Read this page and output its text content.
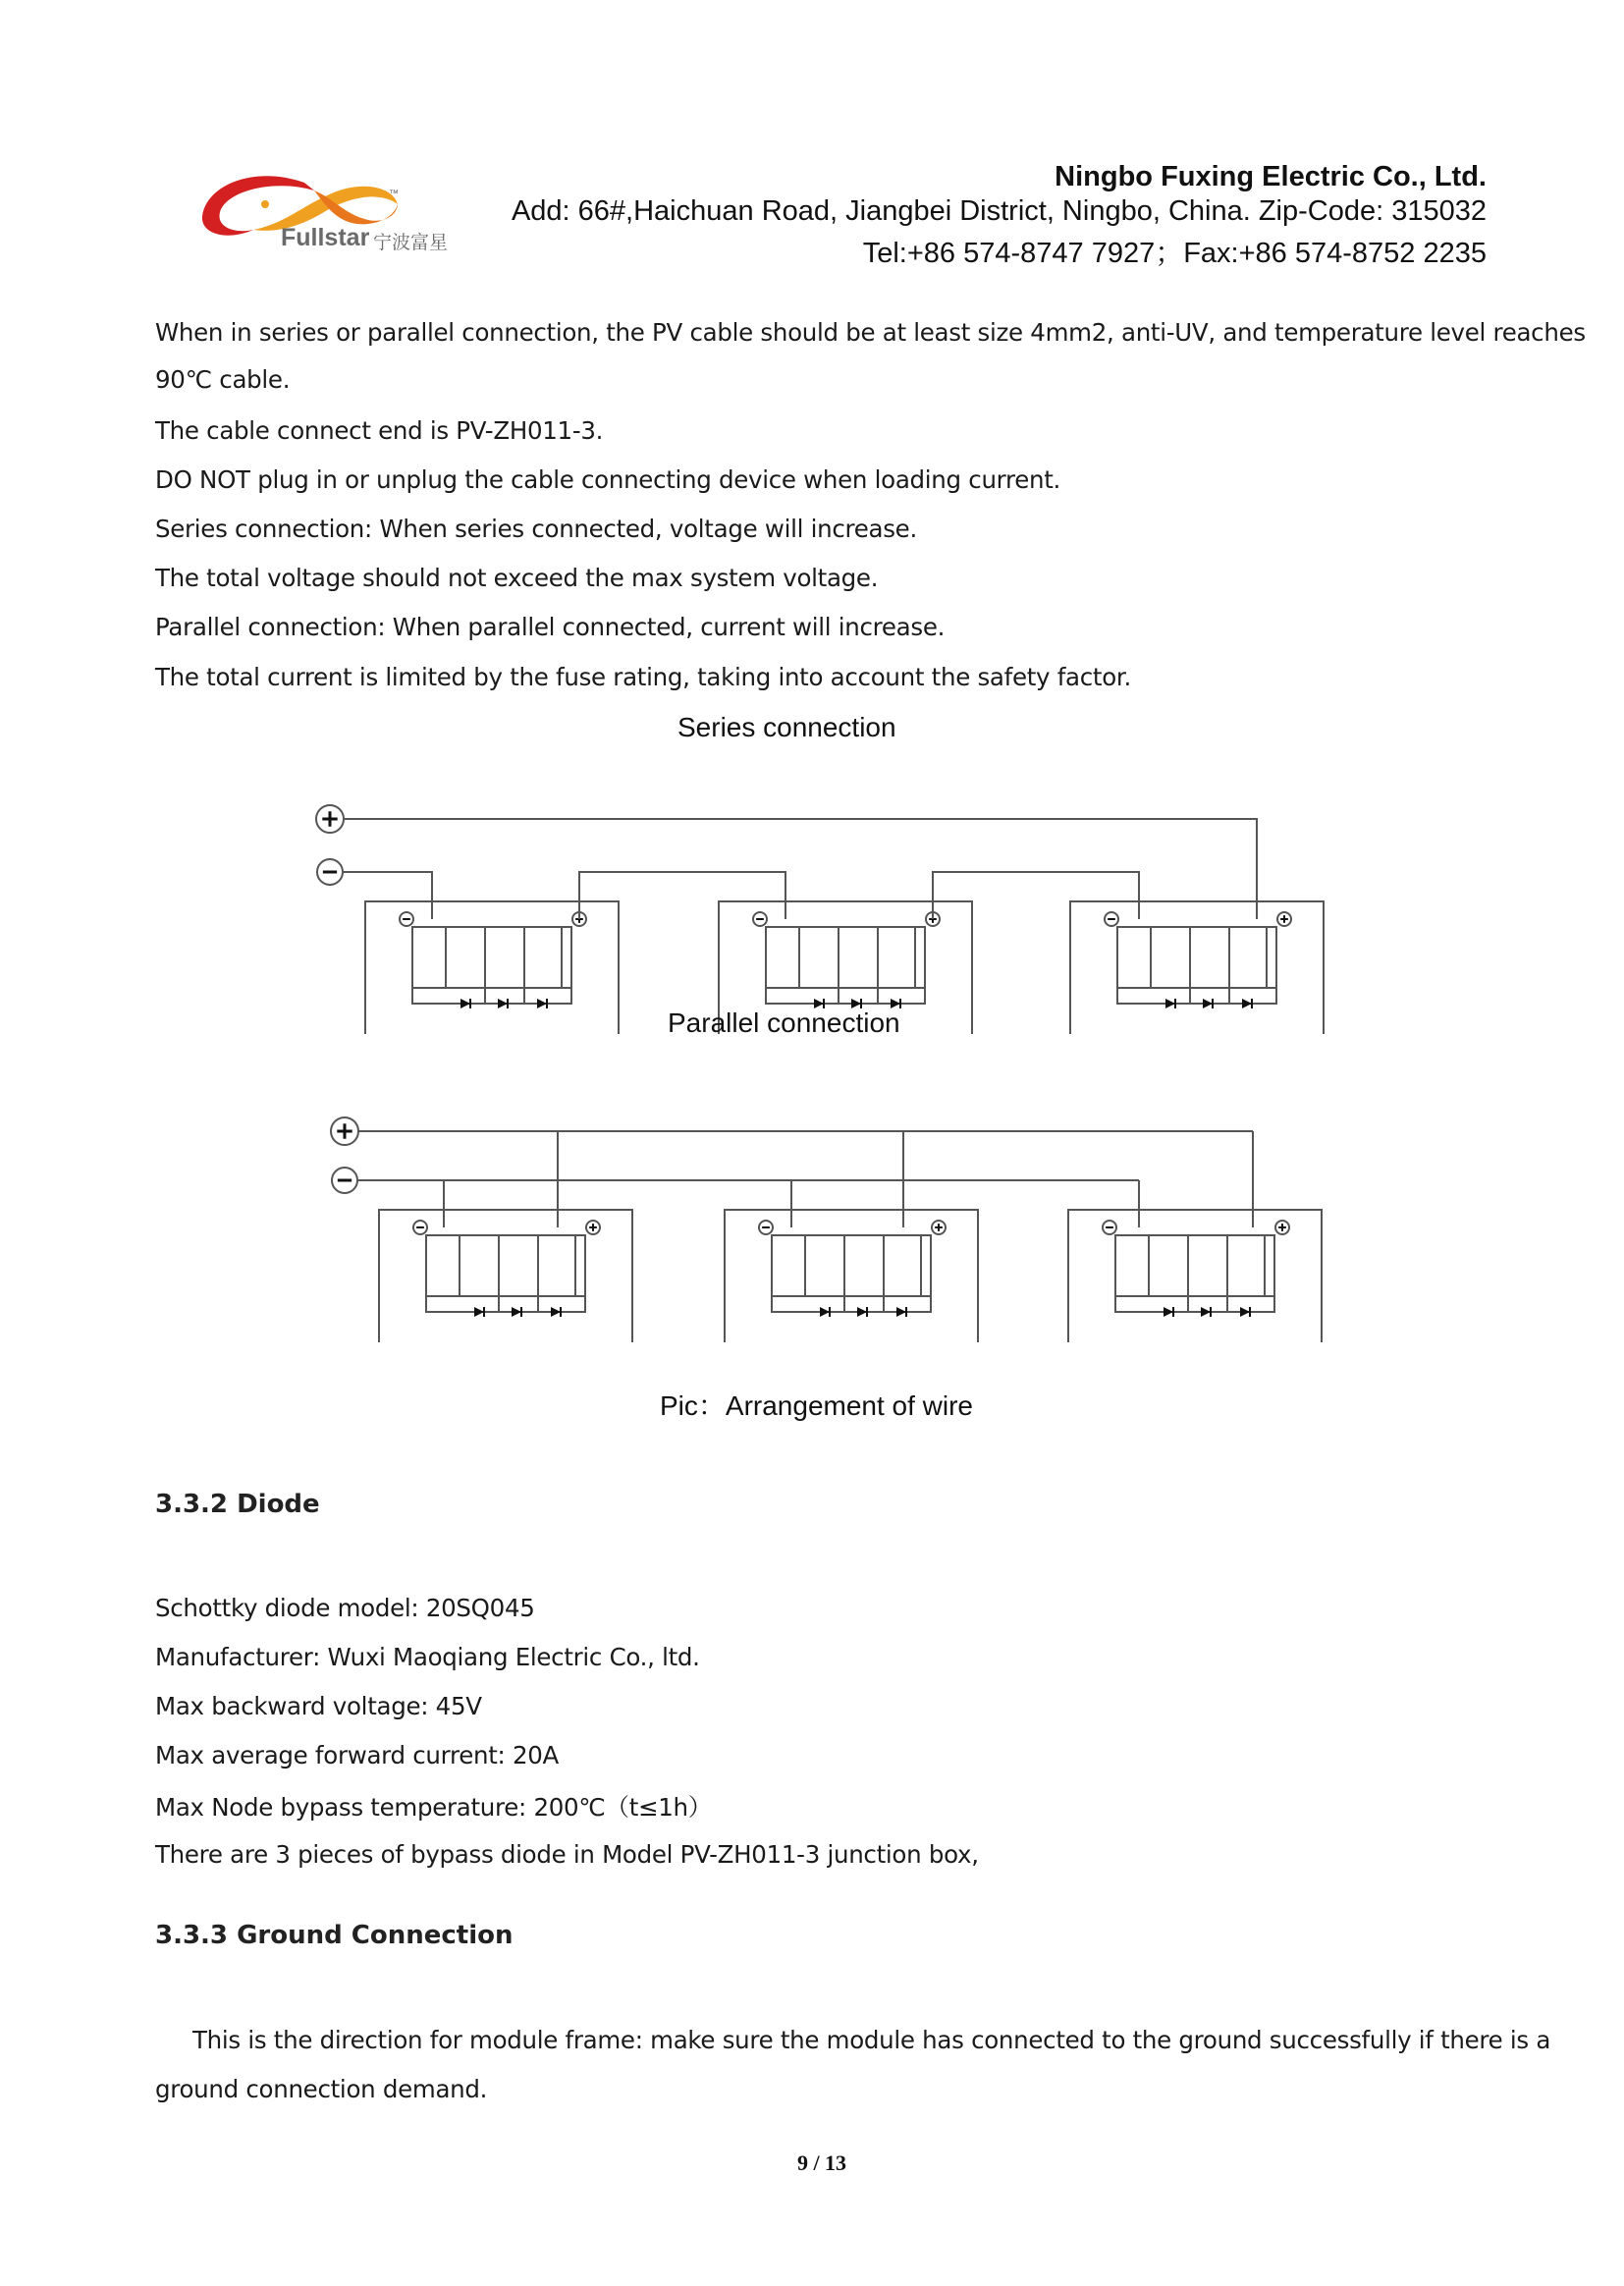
™
Fullstar 宁波富星
Ningbo Fuxing Electric Co., Ltd.
Add: 66#,Haichuan Road, Jiangbei District, Ningbo, China. Zip-Code: 315032
Tel:+86 574-8747 7927；Fax:+86 574-8752 2235
When in series or parallel connection, the PV cable should be at least size 4mm2, anti-UV, and temperature level reaches
90℃ cable.
The cable connect end is PV-ZH011-3.
DO NOT plug in or unplug the cable connecting device when loading current.
Series connection: When series connected, voltage will increase.
The total voltage should not exceed the max system voltage.
Parallel connection: When parallel connected, current will increase.
The total current is limited by the fuse rating, taking into account the safety factor.
Series connection
Parallel connection
Pic：Arrangement of wire
3.3.2 Diode
Schottky diode model: 20SQ045
Manufacturer: Wuxi Maoqiang Electric Co., ltd.
Max backward voltage: 45V
Max average forward current: 20A
Max Node bypass temperature: 200℃（t≤1h）
There are 3 pieces of bypass diode in Model PV-ZH011-3 junction box,
3.3.3 Ground Connection
This is the direction for module frame: make sure the module has connected to the ground successfully if there is a
ground connection demand.
9 / 13
